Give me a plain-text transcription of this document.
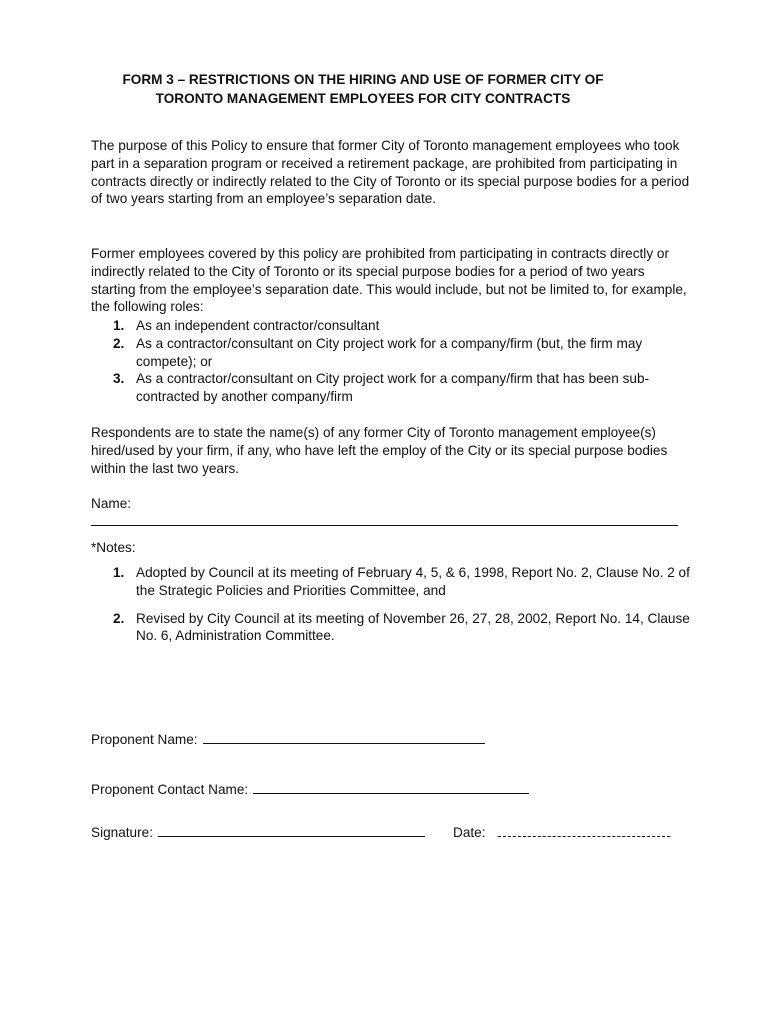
FORM 3 – RESTRICTIONS ON THE HIRING AND USE OF FORMER CITY OF
TORONTO MANAGEMENT EMPLOYEES FOR CITY CONTRACTS

The purpose of this Policy to ensure that former City of Toronto management employees who took part in a separation program or received a retirement package, are prohibited from participating in contracts directly or indirectly related to the City of Toronto or its special purpose bodies for a period of two years starting from an employee’s separation date.

Former employees covered by this policy are prohibited from participating in contracts directly or indirectly related to the City of Toronto or its special purpose bodies for a period of two years starting from the employee’s separation date. This would include, but not be limited to, for example, the following roles:

1. As an independent contractor/consultant
2. As a contractor/consultant on City project work for a company/firm (but, the firm may compete); or
3. As a contractor/consultant on City project work for a company/firm that has been sub-contracted by another company/firm

Respondents are to state the name(s) of any former City of Toronto management employee(s) hired/used by your firm, if any, who have left the employ of the City or its special purpose bodies within the last two years.

Name:
*Notes:
1. Adopted by Council at its meeting of February 4, 5, & 6, 1998, Report No. 2, Clause No. 2 of the Strategic Policies and Priorities Committee, and
2. Revised by City Council at its meeting of November 26, 27, 28, 2002, Report No. 14, Clause No. 6, Administration Committee.
Proponent Name:
Proponent Contact Name:
Signature:	Date:
